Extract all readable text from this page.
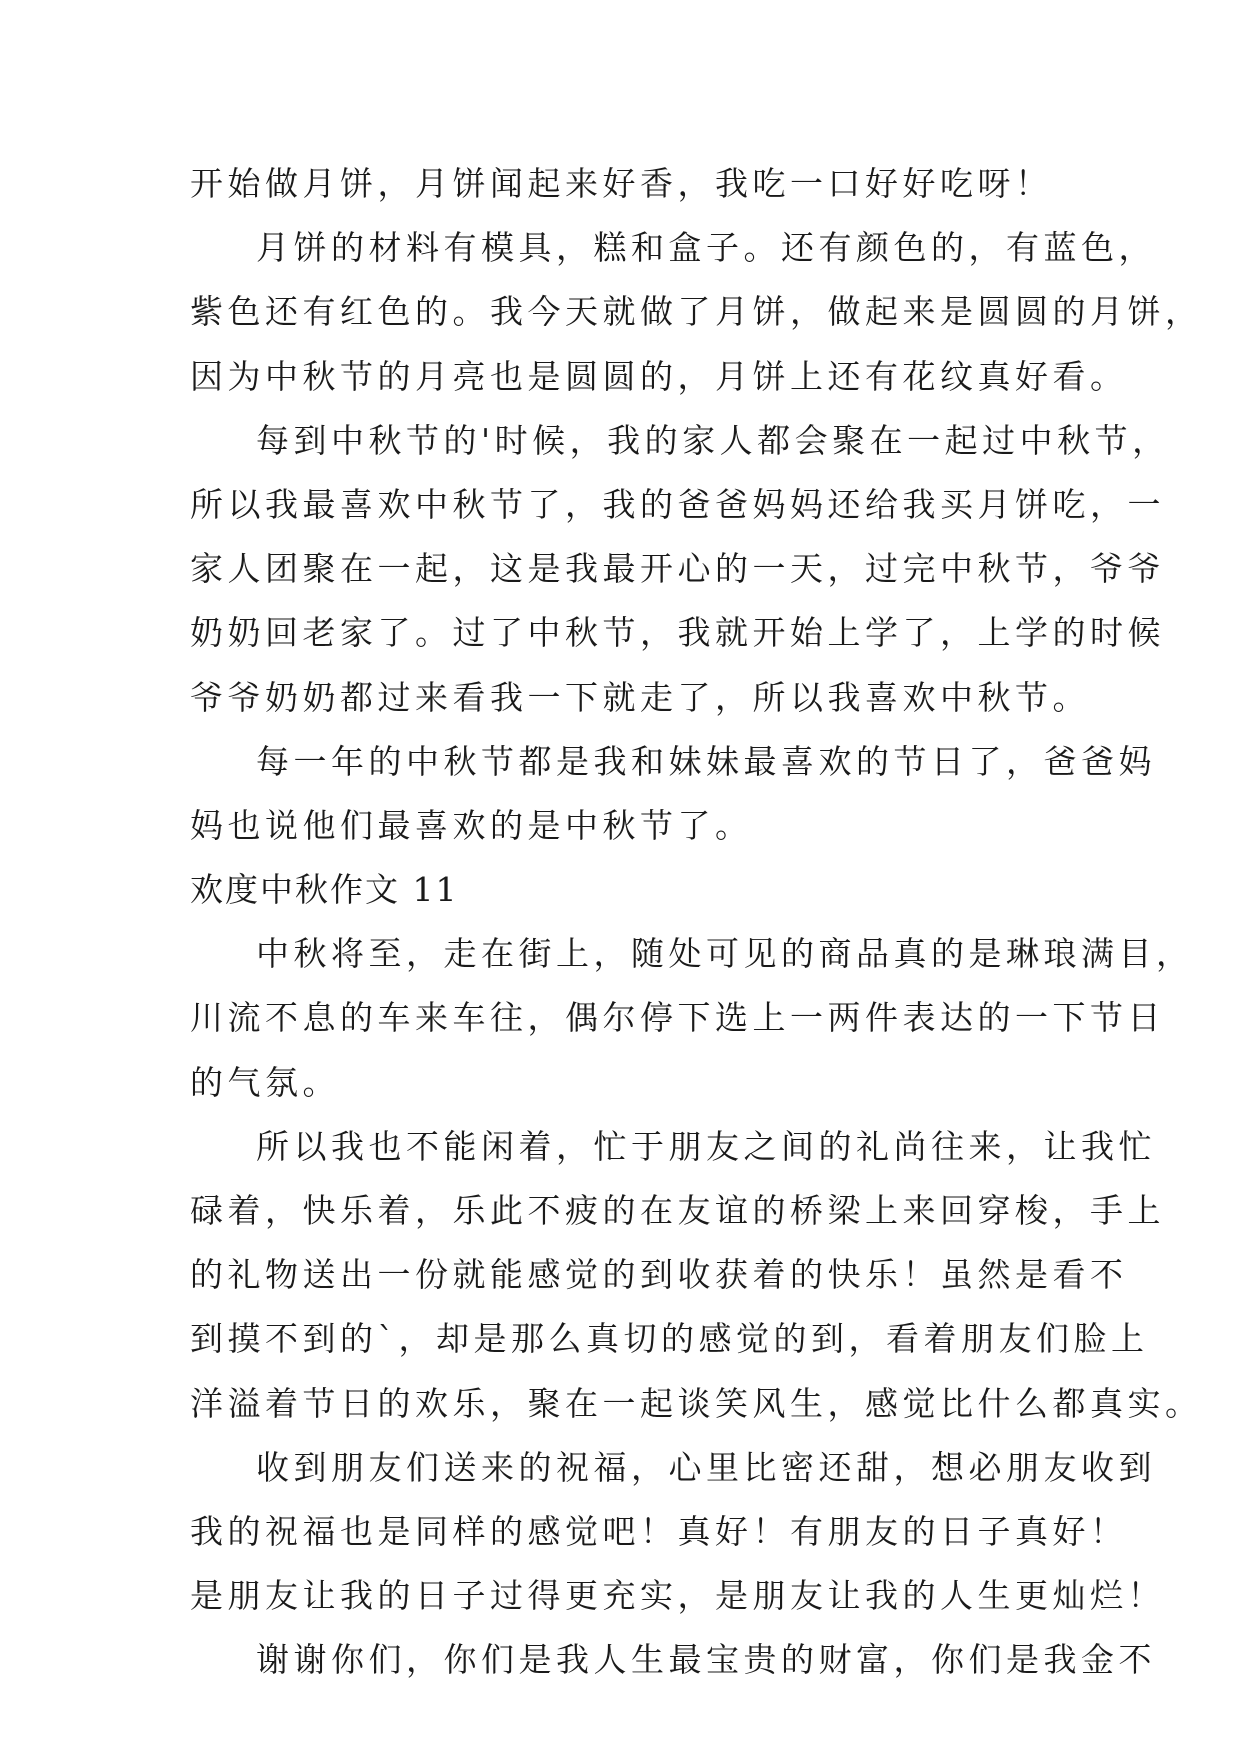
开始做月饼，月饼闻起来好香，我吃一口好好吃呀！
月饼的材料有模具，糕和盒子。还有颜色的，有蓝色，
紫色还有红色的。我今天就做了月饼，做起来是圆圆的月饼，
因为中秋节的月亮也是圆圆的，月饼上还有花纹真好看。
每到中秋节的'时候，我的家人都会聚在一起过中秋节，
所以我最喜欢中秋节了，我的爸爸妈妈还给我买月饼吃，一
家人团聚在一起，这是我最开心的一天，过完中秋节，爷爷
奶奶回老家了。过了中秋节，我就开始上学了，上学的时候
爷爷奶奶都过来看我一下就走了，所以我喜欢中秋节。
每一年的中秋节都是我和妹妹最喜欢的节日了，爸爸妈
妈也说他们最喜欢的是中秋节了。
欢度中秋作文 11
中秋将至，走在街上，随处可见的商品真的是琳琅满目，
川流不息的车来车往，偶尔停下选上一两件表达的一下节日
的气氛。
所以我也不能闲着，忙于朋友之间的礼尚往来，让我忙
碌着，快乐着，乐此不疲的在友谊的桥梁上来回穿梭，手上
的礼物送出一份就能感觉的到收获着的快乐！虽然是看不
到摸不到的`，却是那么真切的感觉的到，看着朋友们脸上
洋溢着节日的欢乐，聚在一起谈笑风生，感觉比什么都真实。
收到朋友们送来的祝福，心里比密还甜，想必朋友收到
我的祝福也是同样的感觉吧！真好！有朋友的日子真好！
是朋友让我的日子过得更充实，是朋友让我的人生更灿烂！
谢谢你们，你们是我人生最宝贵的财富，你们是我金不
